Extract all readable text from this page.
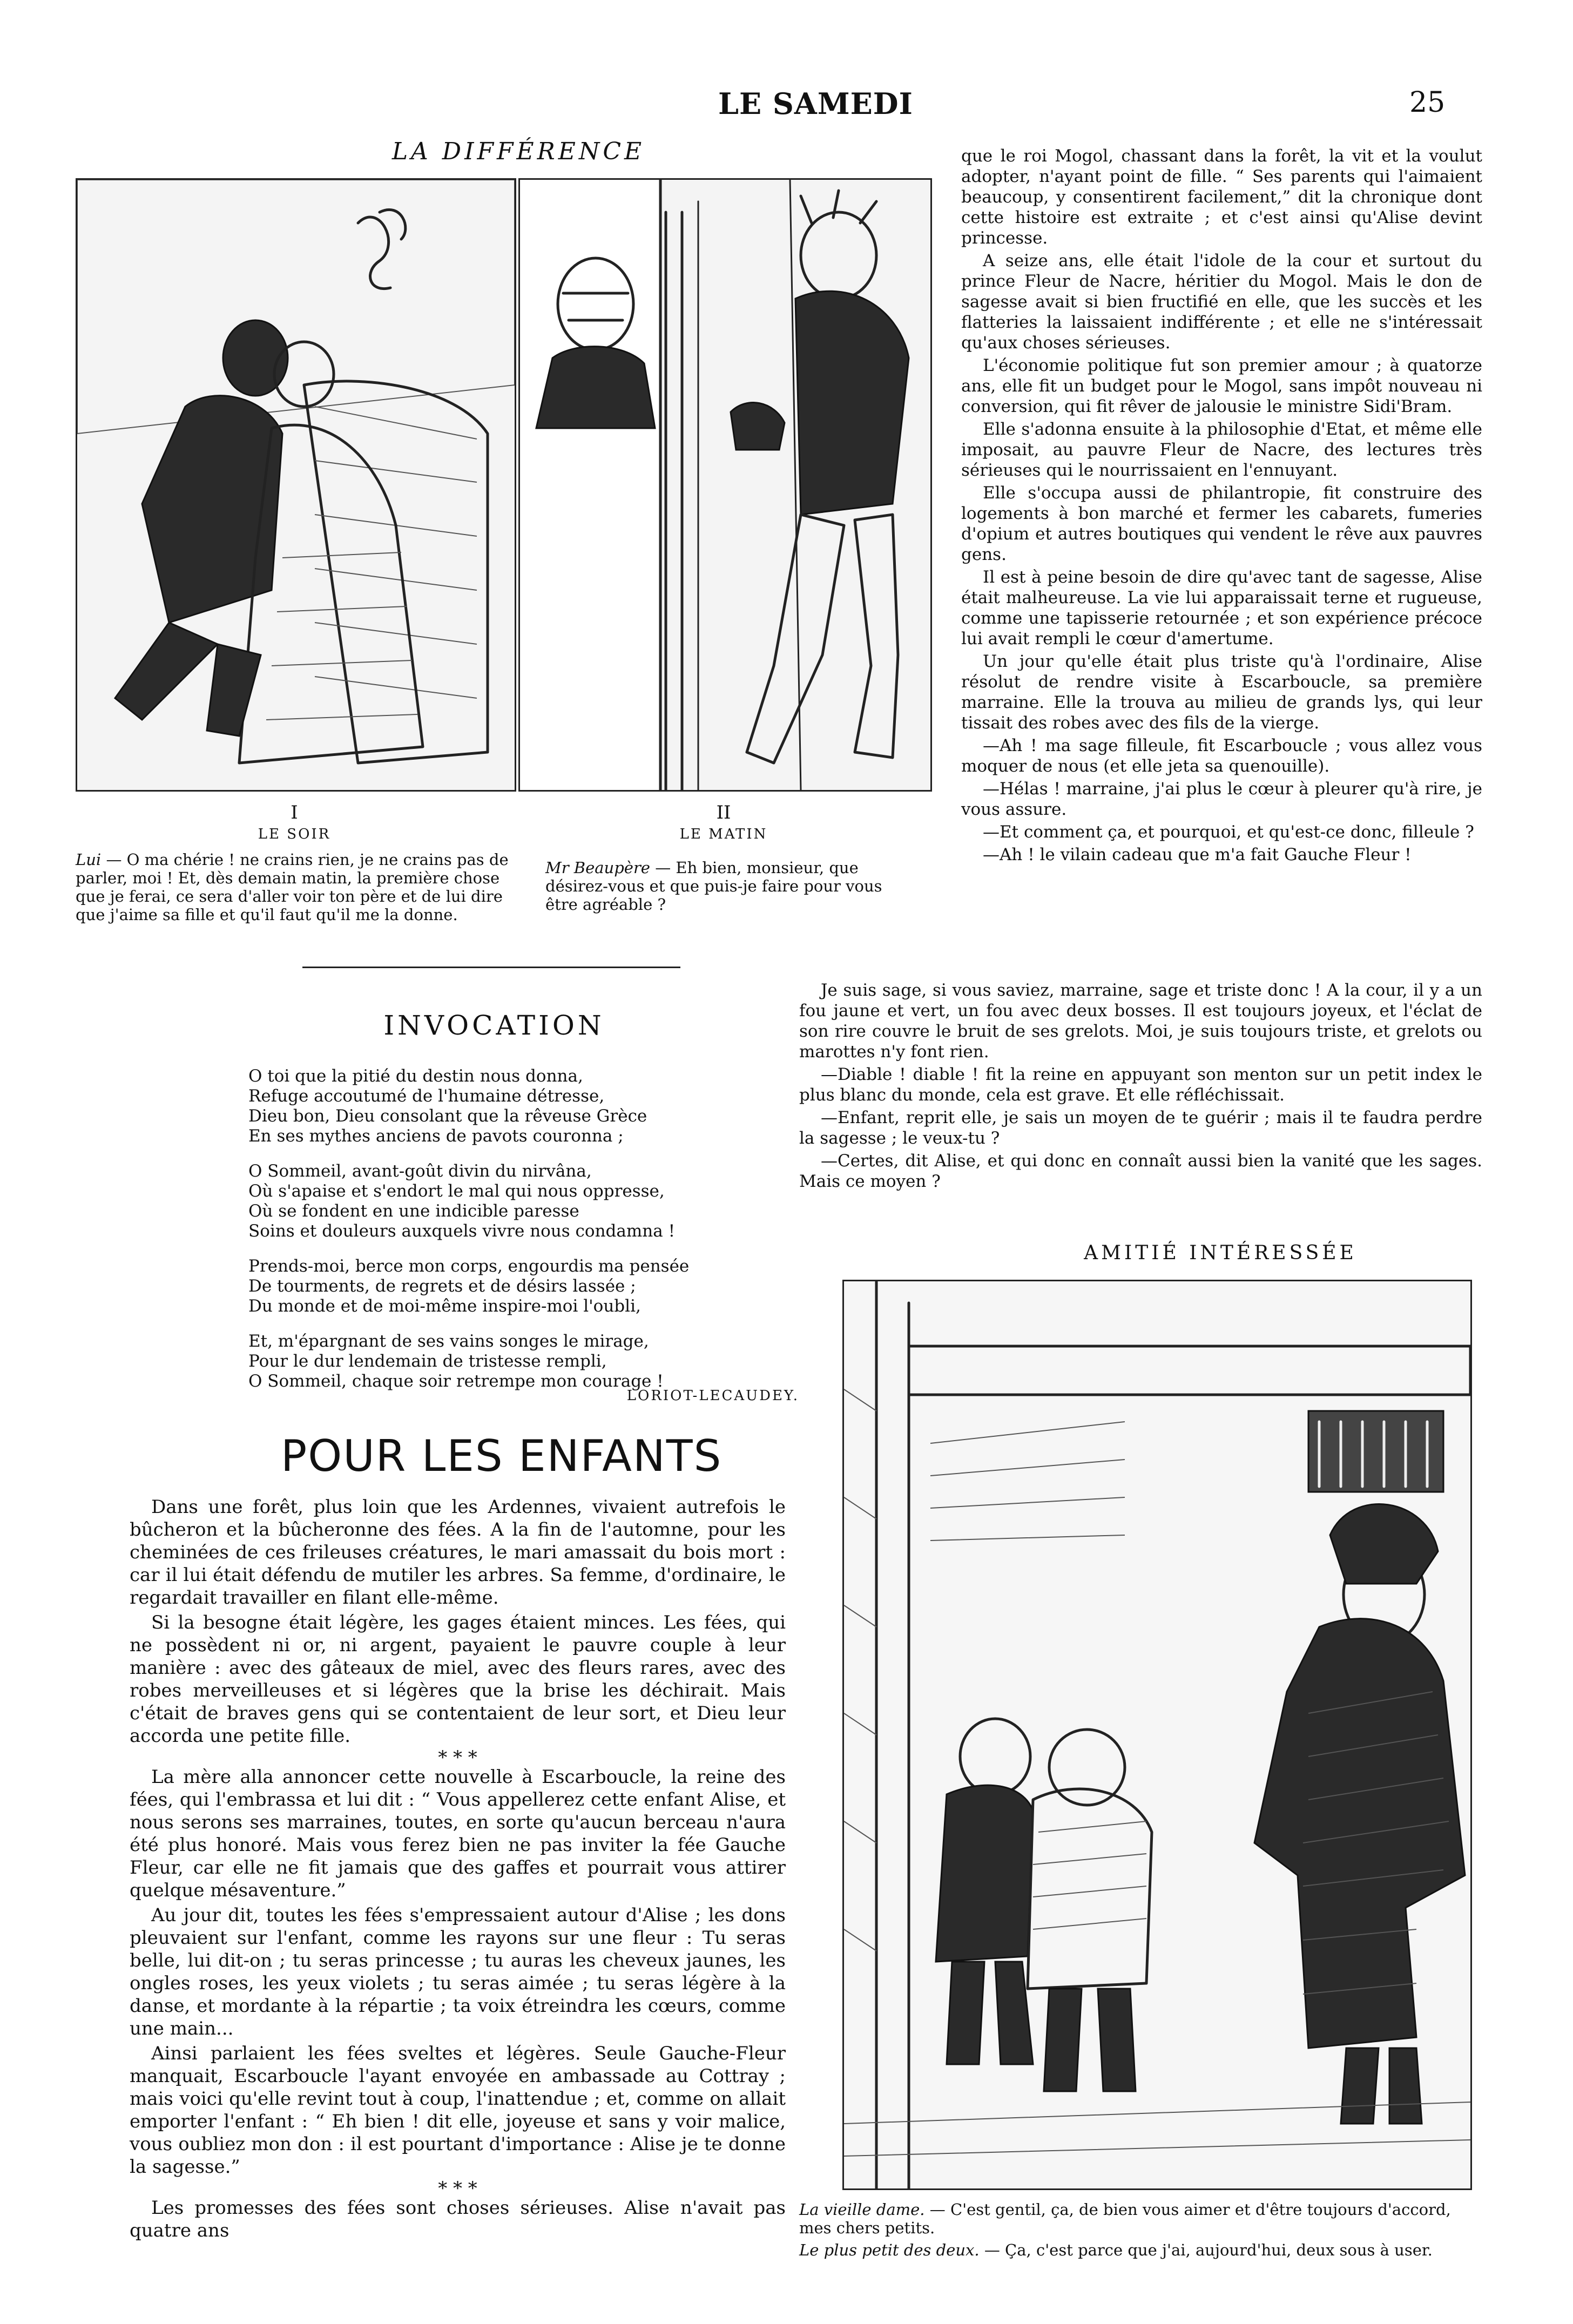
LE SAMEDI	25
LA DIFFÉRENCE
I
LE SOIR
Lui — O ma chérie ! ne crains rien, je ne crains pas de parler, moi ! Et, dès demain matin, la première chose que je ferai, ce sera d'aller voir ton père et de lui dire que j'aime sa fille et qu'il faut qu'il me la donne.
II
LE MATIN
Mr Beaupère — Eh bien, monsieur, que désirez-vous et que puis-je faire pour vous être agréable ?
INVOCATION
O toi que la pitié du destin nous donna,
Refuge accoutumé de l'humaine détresse,
Dieu bon, Dieu consolant que la rêveuse Grèce
En ses mythes anciens de pavots couronna ;
O Sommeil, avant-goût divin du nirvâna,
Où s'apaise et s'endort le mal qui nous oppresse,
Où se fondent en une indicible paresse
Soins et douleurs auxquels vivre nous condamna !
Prends-moi, berce mon corps, engourdis ma pensée
De tourments, de regrets et de désirs lassée ;
Du monde et de moi-même inspire-moi l'oubli,
Et, m'épargnant de ses vains songes le mirage,
Pour le dur lendemain de tristesse rempli,
O Sommeil, chaque soir retrempe mon courage !
LORIOT-LECAUDEY.
POUR LES ENFANTS

Dans une forêt, plus loin que les Ardennes, vivaient autrefois le bûcheron et la bûcheronne des fées. A la fin de l'automne, pour les cheminées de ces frileuses créatures, le mari amassait du bois mort : car il lui était défendu de mutiler les arbres. Sa femme, d'ordinaire, le regardait travailler en filant elle-même.

Si la besogne était légère, les gages étaient minces. Les fées, qui ne possèdent ni or, ni argent, payaient le pauvre couple à leur manière : avec des gâteaux de miel, avec des fleurs rares, avec des robes merveilleuses et si légères que la brise les déchirait. Mais c'était de braves gens qui se contentaient de leur sort, et Dieu leur accorda une petite fille.

* * *

La mère alla annoncer cette nouvelle à Escarboucle, la reine des fées, qui l'embrassa et lui dit : “ Vous appellerez cette enfant Alise, et nous serons ses marraines, toutes, en sorte qu'aucun berceau n'aura été plus honoré. Mais vous ferez bien ne pas inviter la fée Gauche Fleur, car elle ne fit jamais que des gaffes et pourrait vous attirer quelque mésaventure.”

Au jour dit, toutes les fées s'empressaient autour d'Alise ; les dons pleuvaient sur l'enfant, comme les rayons sur une fleur : Tu seras belle, lui dit-on ; tu seras princesse ; tu auras les cheveux jaunes, les ongles roses, les yeux violets ; tu seras aimée ; tu seras légère à la danse, et mordante à la répartie ; ta voix étreindra les cœurs, comme une main...

Ainsi parlaient les fées sveltes et légères. Seule Gauche-Fleur manquait, Escarboucle l'ayant envoyée en ambassade au Cottray ; mais voici qu'elle revint tout à coup, l'inattendue ; et, comme on allait emporter l'enfant : “ Eh bien ! dit elle, joyeuse et sans y voir malice, vous oubliez mon don : il est pourtant d'importance : Alise je te donne la sagesse.”

* * *

Les promesses des fées sont choses sérieuses. Alise n'avait pas quatre ans

que le roi Mogol, chassant dans la forêt, la vit et la voulut adopter, n'ayant point de fille. “ Ses parents qui l'aimaient beaucoup, y consentirent facilement,” dit la chronique dont cette histoire est extraite ; et c'est ainsi qu'Alise devint princesse.

A seize ans, elle était l'idole de la cour et surtout du prince Fleur de Nacre, héritier du Mogol. Mais le don de sagesse avait si bien fructifié en elle, que les succès et les flatteries la laissaient indifférente ; et elle ne s'intéressait qu'aux choses sérieuses.

L'économie politique fut son premier amour ; à quatorze ans, elle fit un budget pour le Mogol, sans impôt nouveau ni conversion, qui fit rêver de jalousie le ministre Sidi'Bram.

Elle s'adonna ensuite à la philosophie d'Etat, et même elle imposait, au pauvre Fleur de Nacre, des lectures très sérieuses qui le nourrissaient en l'ennuyant.

Elle s'occupa aussi de philantropie, fit construire des logements à bon marché et fermer les cabarets, fumeries d'opium et autres boutiques qui vendent le rêve aux pauvres gens.

Il est à peine besoin de dire qu'avec tant de sagesse, Alise était malheureuse. La vie lui apparaissait terne et rugueuse, comme une tapisserie retournée ; et son expérience précoce lui avait rempli le cœur d'amertume.

Un jour qu'elle était plus triste qu'à l'ordinaire, Alise résolut de rendre visite à Escarboucle, sa première marraine. Elle la trouva au milieu de grands lys, qui leur tissait des robes avec des fils de la vierge.

—Ah ! ma sage filleule, fit Escarboucle ; vous allez vous moquer de nous (et elle jeta sa quenouille).

—Hélas ! marraine, j'ai plus le cœur à pleurer qu'à rire, je vous assure.

—Et comment ça, et pourquoi, et qu'est-ce donc, filleule ?

—Ah ! le vilain cadeau que m'a fait Gauche Fleur !

Je suis sage, si vous saviez, marraine, sage et triste donc ! A la cour, il y a un fou jaune et vert, un fou avec deux bosses. Il est toujours joyeux, et l'éclat de son rire couvre le bruit de ses grelots. Moi, je suis toujours triste, et grelots ou marottes n'y font rien.

—Diable ! diable ! fit la reine en appuyant son menton sur un petit index le plus blanc du monde, cela est grave. Et elle réfléchissait.

—Enfant, reprit elle, je sais un moyen de te guérir ; mais il te faudra perdre la sagesse ; le veux-tu ?

—Certes, dit Alise, et qui donc en connaît aussi bien la vanité que les sages. Mais ce moyen ?

AMITIÉ INTÉRESSÉE
La vieille dame. — C'est gentil, ça, de bien vous aimer et d'être toujours d'accord, mes chers petits.
Le plus petit des deux. — Ça, c'est parce que j'ai, aujourd'hui, deux sous à user.
